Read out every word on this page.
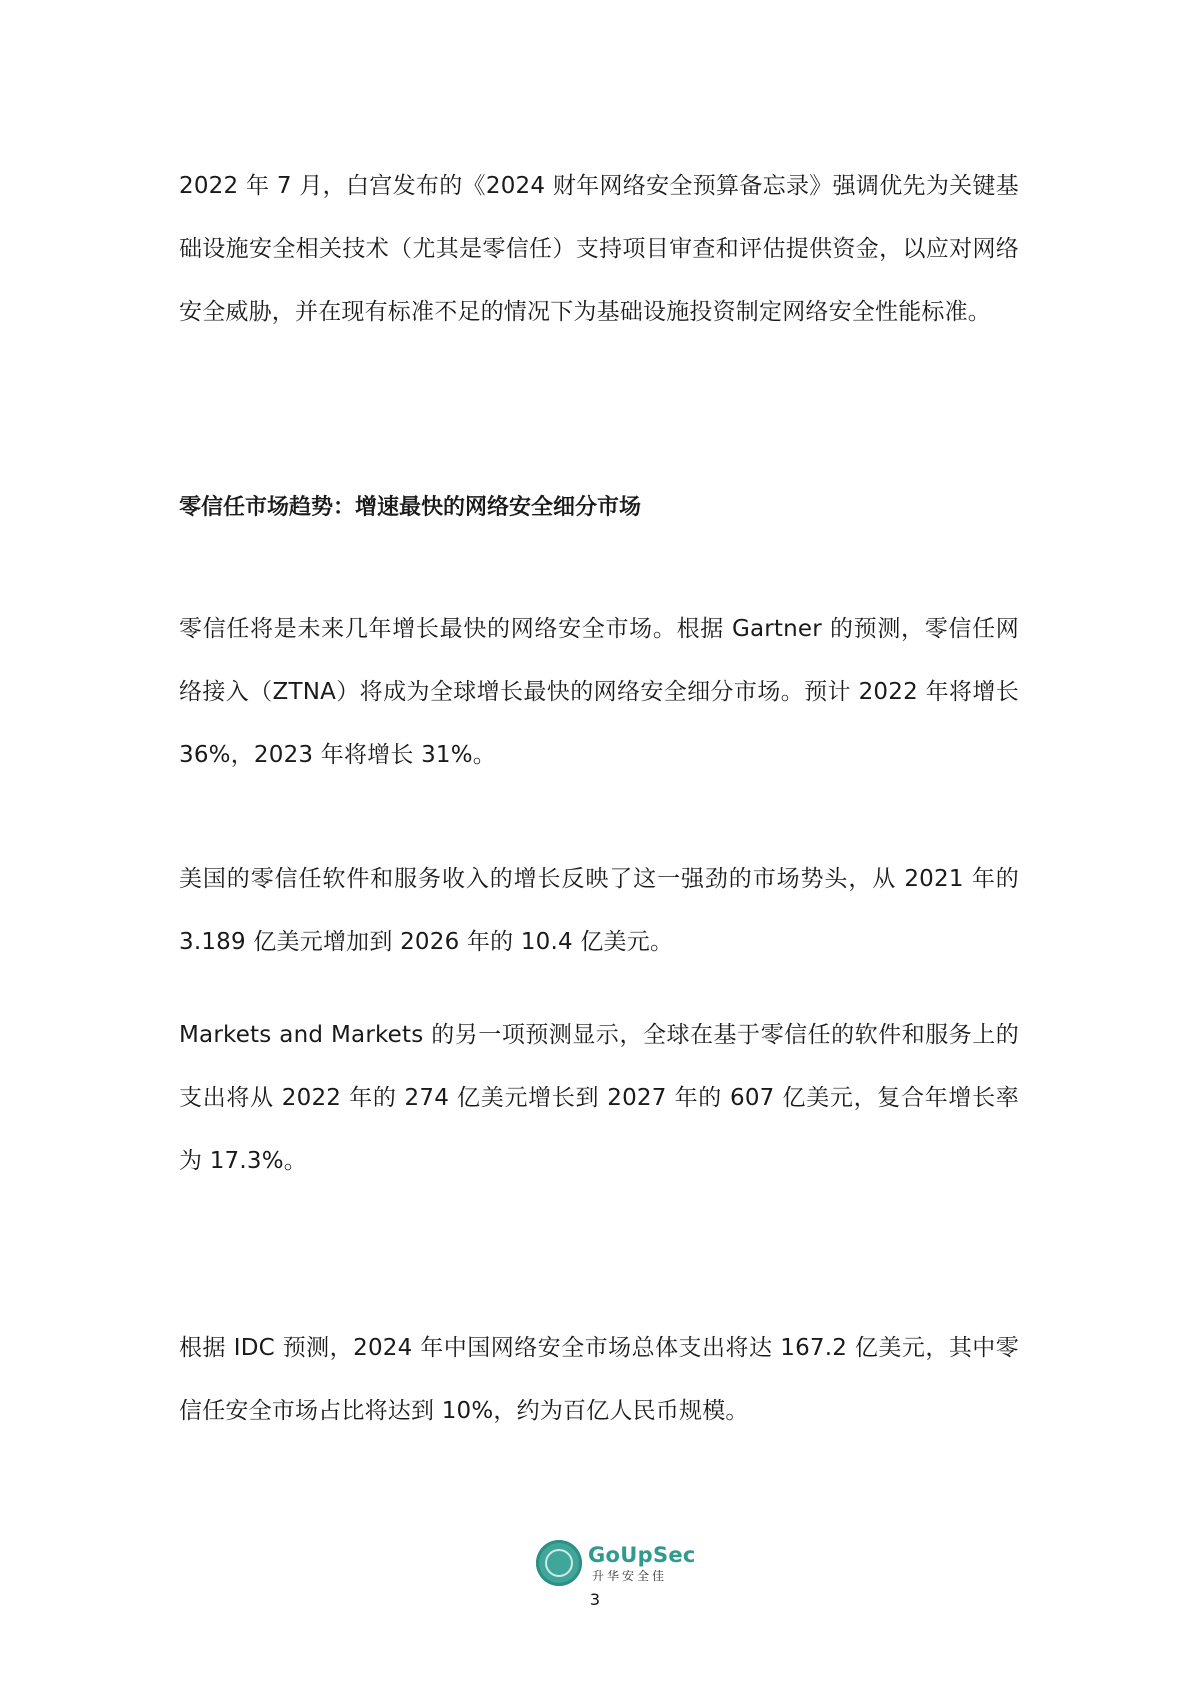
2022 年 7 月，白宫发布的《2024 财年网络安全预算备忘录》强调优先为关键基础设施安全相关技术（尤其是零信任）支持项目审查和评估提供资金，以应对网络安全威胁，并在现有标准不足的情况下为基础设施投资制定网络安全性能标准。

零信任市场趋势：增速最快的网络安全细分市场

零信任将是未来几年增长最快的网络安全市场。根据 Gartner 的预测，零信任网络接入（ZTNA）将成为全球增长最快的网络安全细分市场。预计 2022 年将增长 36%，2023 年将增长 31%。

美国的零信任软件和服务收入的增长反映了这一强劲的市场势头，从 2021 年的 3.189 亿美元增加到 2026 年的 10.4 亿美元。

Markets and Markets 的另一项预测显示，全球在基于零信任的软件和服务上的支出将从 2022 年的 274 亿美元增长到 2027 年的 607 亿美元，复合年增长率为 17.3%。

根据 IDC 预测，2024 年中国网络安全市场总体支出将达 167.2 亿美元，其中零信任安全市场占比将达到 10%，约为百亿人民币规模。

GoUpSec
升华安全佳
3
